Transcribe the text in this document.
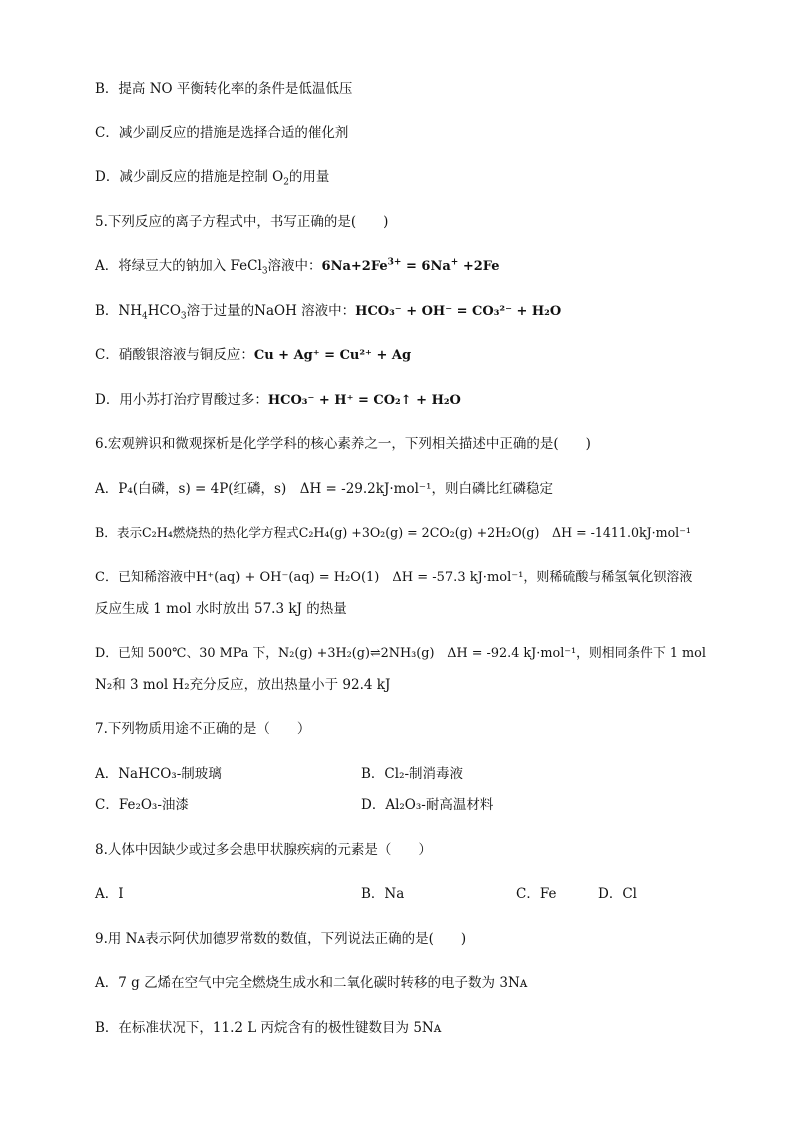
B．提高 NO 平衡转化率的条件是低温低压
C．减少副反应的措施是选择合适的催化剂
D．减少副反应的措施是控制 $O_2$的用量
5.下列反应的离子方程式中，书写正确的是(　　)
A．将绿豆大的钠加入 FeCl$_3$溶液中：$6Na+2Fe^{3+} = 6Na^+ +2Fe$
B．$NH_4HCO_3$溶于过量的NaOH 溶液中：HCO₃⁻ + OH⁻ = CO₃²⁻ + H₂O
C．硝酸银溶液与铜反应：Cu + Ag⁺ = Cu²⁺ + Ag
D．用小苏打治疗胃酸过多：HCO₃⁻ + H⁺ = CO₂↑ + H₂O
6.宏观辨识和微观探析是化学学科的核心素养之一，下列相关描述中正确的是(　　)
A．P₄(白磷，s) = 4P(红磷，s)　ΔH = -29.2kJ·mol⁻¹，则白磷比红磷稳定
B．表示C₂H₄燃烧热的热化学方程式C₂H₄(g) +3O₂(g) = 2CO₂(g) +2H₂O(g)　ΔH = -1411.0kJ·mol⁻¹
C．已知稀溶液中H⁺(aq) + OH⁻(aq) = H₂O(1)　ΔH = -57.3 kJ·mol⁻¹，则稀硫酸与稀氢氧化钡溶液
反应生成 1 mol 水时放出 57.3 kJ 的热量
D．已知 500℃、30 MPa 下，N₂(g) +3H₂(g)⇌2NH₃(g)　ΔH = -92.4 kJ·mol⁻¹，则相同条件下 1 mol
N₂和 3 mol H₂充分反应，放出热量小于 92.4 kJ
7.下列物质用途不正确的是（　　）
A．NaHCO₃-制玻璃	B．Cl₂-制消毒液
C．Fe₂O₃-油漆	D．Al₂O₃-耐高温材料
8.人体中因缺少或过多会患甲状腺疾病的元素是（　　）
A．I	B．Na	C．Fe	D．Cl
9.用 Nᴀ表示阿伏加德罗常数的数值，下列说法正确的是(　　)
A．7 g 乙烯在空气中完全燃烧生成水和二氧化碳时转移的电子数为 3Nᴀ
B．在标准状况下，11.2 L 丙烷含有的极性键数目为 5Nᴀ
